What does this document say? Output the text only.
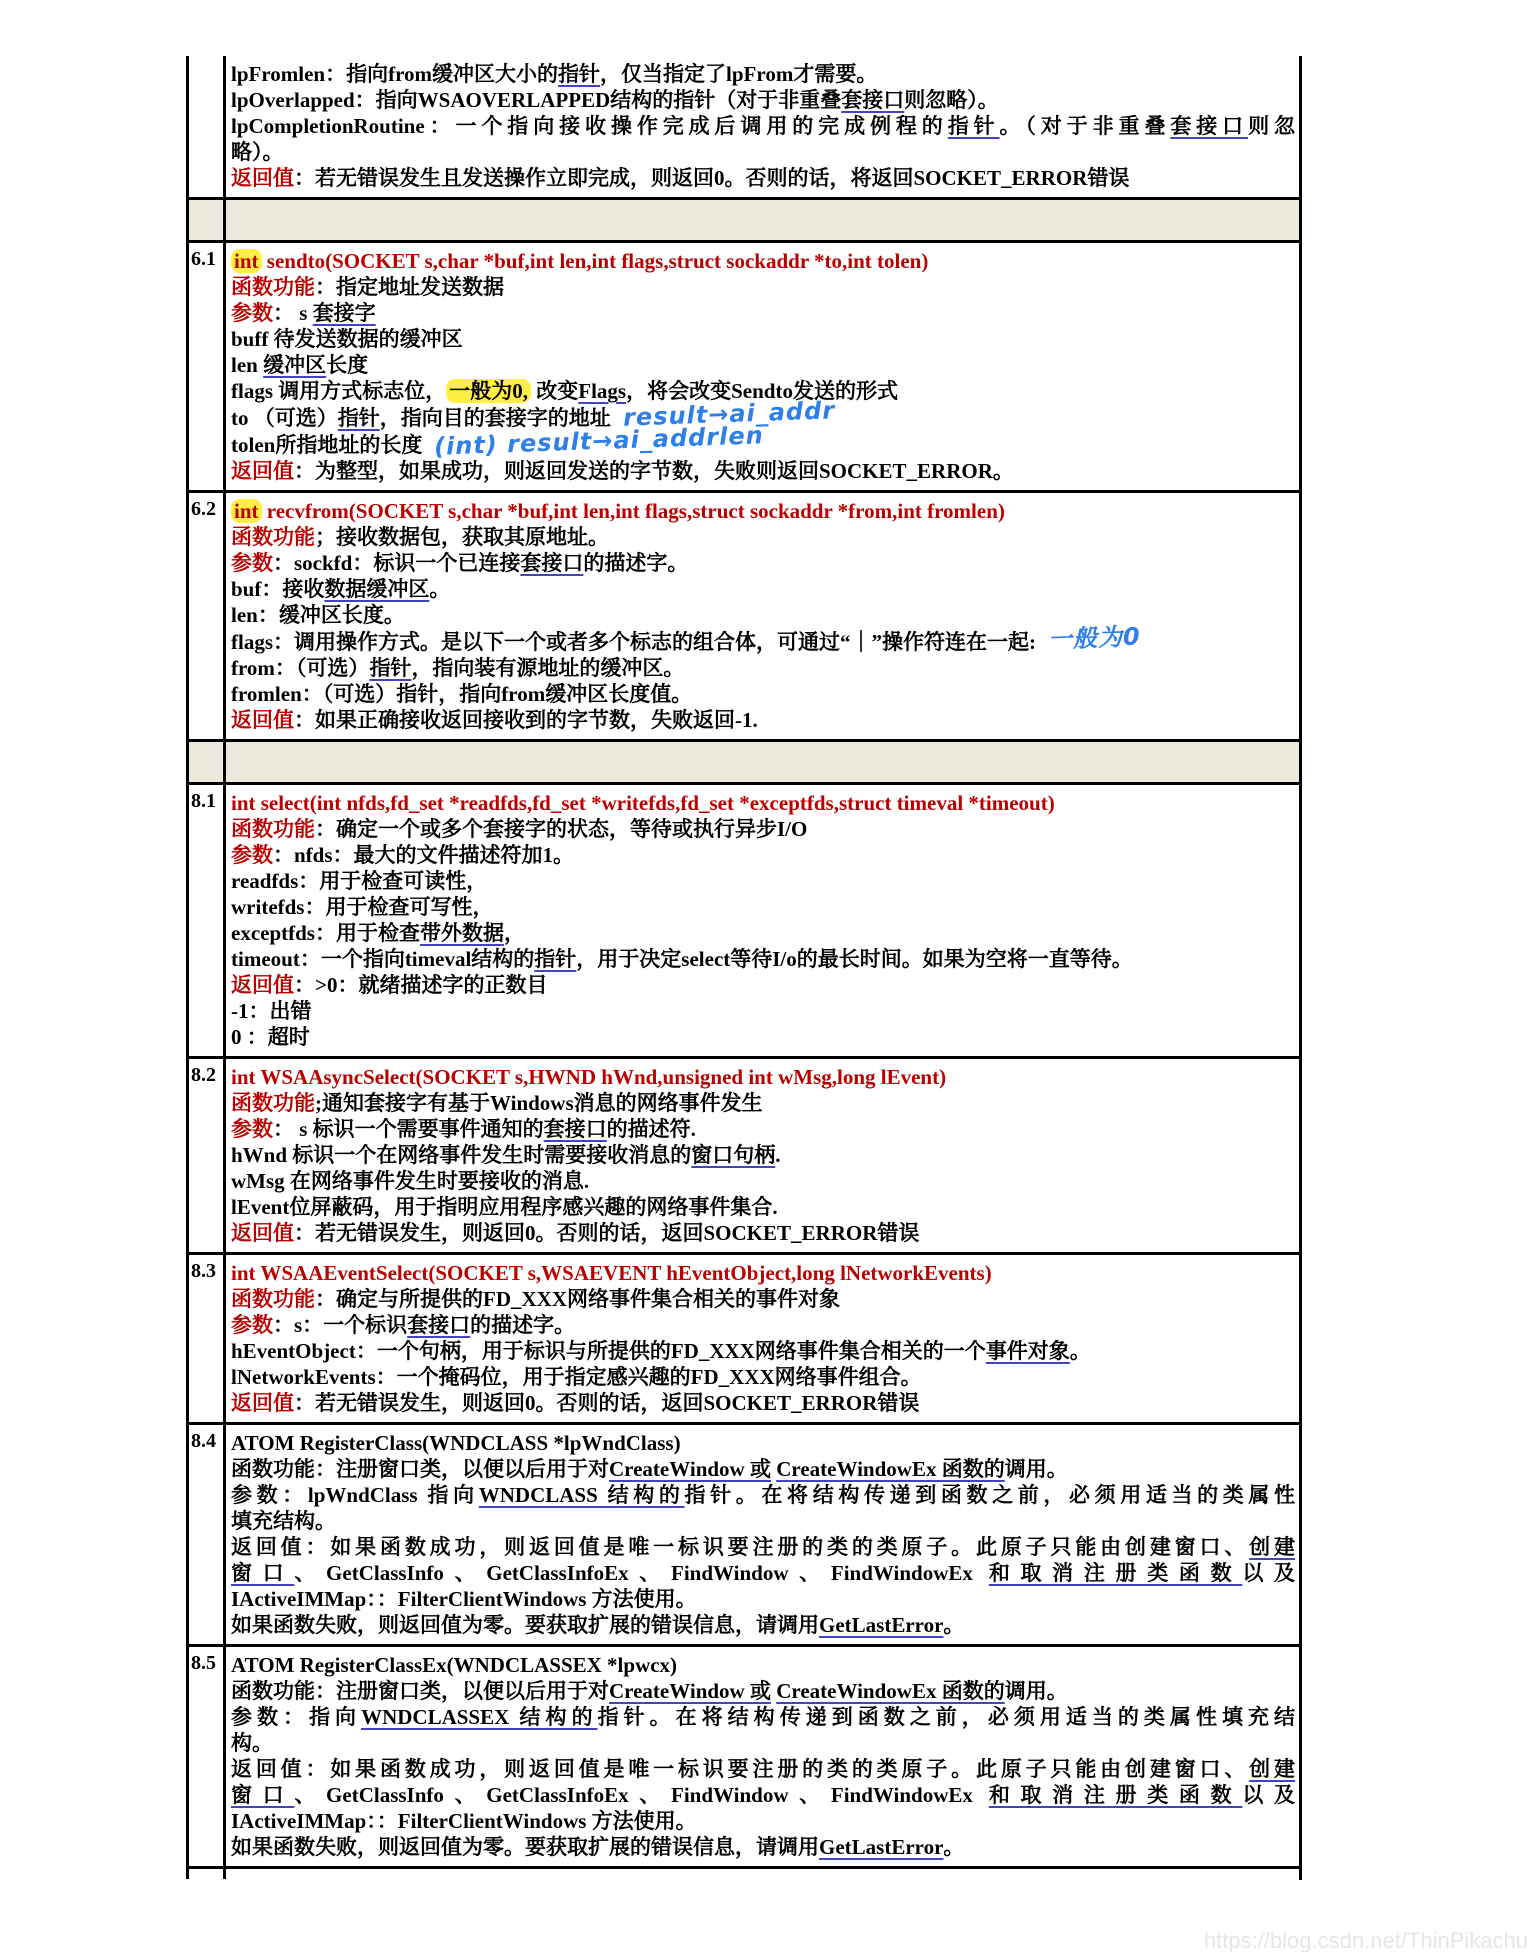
lpFromlen：指向from缓冲区大小的指针，仅当指定了lpFrom才需要。
lpOverlapped：指向WSAOVERLAPPED结构的指针（对于非重叠套接口则忽略）。
lpCompletionRoutine：一个指向接收操作完成后调用的完成例程的指针。（对于非重叠套接口则忽
略）。
返回值：若无错误发生且发送操作立即完成，则返回0。否则的话，将返回SOCKET_ERROR错误
6.1 int sendto(SOCKET s,char *buf,int len,int flags,struct sockaddr *to,int tolen)
函数功能：指定地址发送数据
参数： s 套接字
buff 待发送数据的缓冲区
len 缓冲区长度
flags 调用方式标志位， 一般为0, 改变Flags，将会改变Sendto发送的形式
to （可选）指针，指向目的套接字的地址 result→ai_addr
tolen所指地址的长度 (int) result→ai_addrlen
返回值：为整型，如果成功，则返回发送的字节数，失败则返回SOCKET_ERROR。
6.2 int recvfrom(SOCKET s,char *buf,int len,int flags,struct sockaddr *from,int fromlen)
函数功能；接收数据包，获取其原地址。
参数：sockfd：标识一个已连接套接口的描述字。
buf：接收数据缓冲区。
len：缓冲区长度。
flags：调用操作方式。是以下一个或者多个标志的组合体，可通过“｜”操作符连在一起: 一般为0
from：（可选）指针，指向装有源地址的缓冲区。
fromlen：（可选）指针，指向from缓冲区长度值。
返回值：如果正确接收返回接收到的字节数，失败返回-1.
8.1 int select(int nfds,fd_set *readfds,fd_set *writefds,fd_set *exceptfds,struct timeval *timeout)
函数功能：确定一个或多个套接字的状态，等待或执行异步I/O
参数：nfds：最大的文件描述符加1。
readfds：用于检查可读性，
writefds：用于检查可写性，
exceptfds：用于检查带外数据，
timeout：一个指向timeval结构的指针，用于决定select等待I/o的最长时间。如果为空将一直等待。
返回值：>0：就绪描述字的正数目
-1：出错
0 ：超时
8.2 int WSAAsyncSelect(SOCKET s,HWND hWnd,unsigned int wMsg,long lEvent)
函数功能;通知套接字有基于Windows消息的网络事件发生
参数： s 标识一个需要事件通知的套接口的描述符.
hWnd 标识一个在网络事件发生时需要接收消息的窗口句柄.
wMsg 在网络事件发生时要接收的消息.
lEvent位屏蔽码，用于指明应用程序感兴趣的网络事件集合.
返回值：若无错误发生，则返回0。否则的话，返回SOCKET_ERROR错误
8.3 int WSAAEventSelect(SOCKET s,WSAEVENT hEventObject,long lNetworkEvents)
函数功能：确定与所提供的FD_XXX网络事件集合相关的事件对象
参数：s：一个标识套接口的描述字。
hEventObject：一个句柄，用于标识与所提供的FD_XXX网络事件集合相关的一个事件对象。
lNetworkEvents：一个掩码位，用于指定感兴趣的FD_XXX网络事件组合。
返回值：若无错误发生，则返回0。否则的话，返回SOCKET_ERROR错误
8.4 ATOM RegisterClass(WNDCLASS *lpWndClass)
函数功能：注册窗口类，以便以后用于对CreateWindow 或 CreateWindowEx 函数的调用。
参数：lpWndClass 指向WNDCLASS 结构的指针。在将结构传递到函数之前，必须用适当的类属性
填充结构。
返回值：如果函数成功，则返回值是唯一标识要注册的类的类原子。此原子只能由创建窗口、创建
窗口、GetClassInfo、GetClassInfoEx、FindWindow、FindWindowEx 和取消注册类函数以及
IActiveIMMap：：FilterClientWindows 方法使用。
如果函数失败，则返回值为零。要获取扩展的错误信息，请调用GetLastError。
8.5 ATOM RegisterClassEx(WNDCLASSEX *lpwcx)
函数功能：注册窗口类，以便以后用于对CreateWindow 或 CreateWindowEx 函数的调用。
参数：指向WNDCLASSEX 结构的指针。在将结构传递到函数之前，必须用适当的类属性填充结
构。
返回值：如果函数成功，则返回值是唯一标识要注册的类的类原子。此原子只能由创建窗口、创建
窗口、GetClassInfo、GetClassInfoEx、FindWindow、FindWindowEx 和取消注册类函数以及
IActiveIMMap：：FilterClientWindows 方法使用。
如果函数失败，则返回值为零。要获取扩展的错误信息，请调用GetLastError。
https://blog.csdn.net/ThinPikachu
